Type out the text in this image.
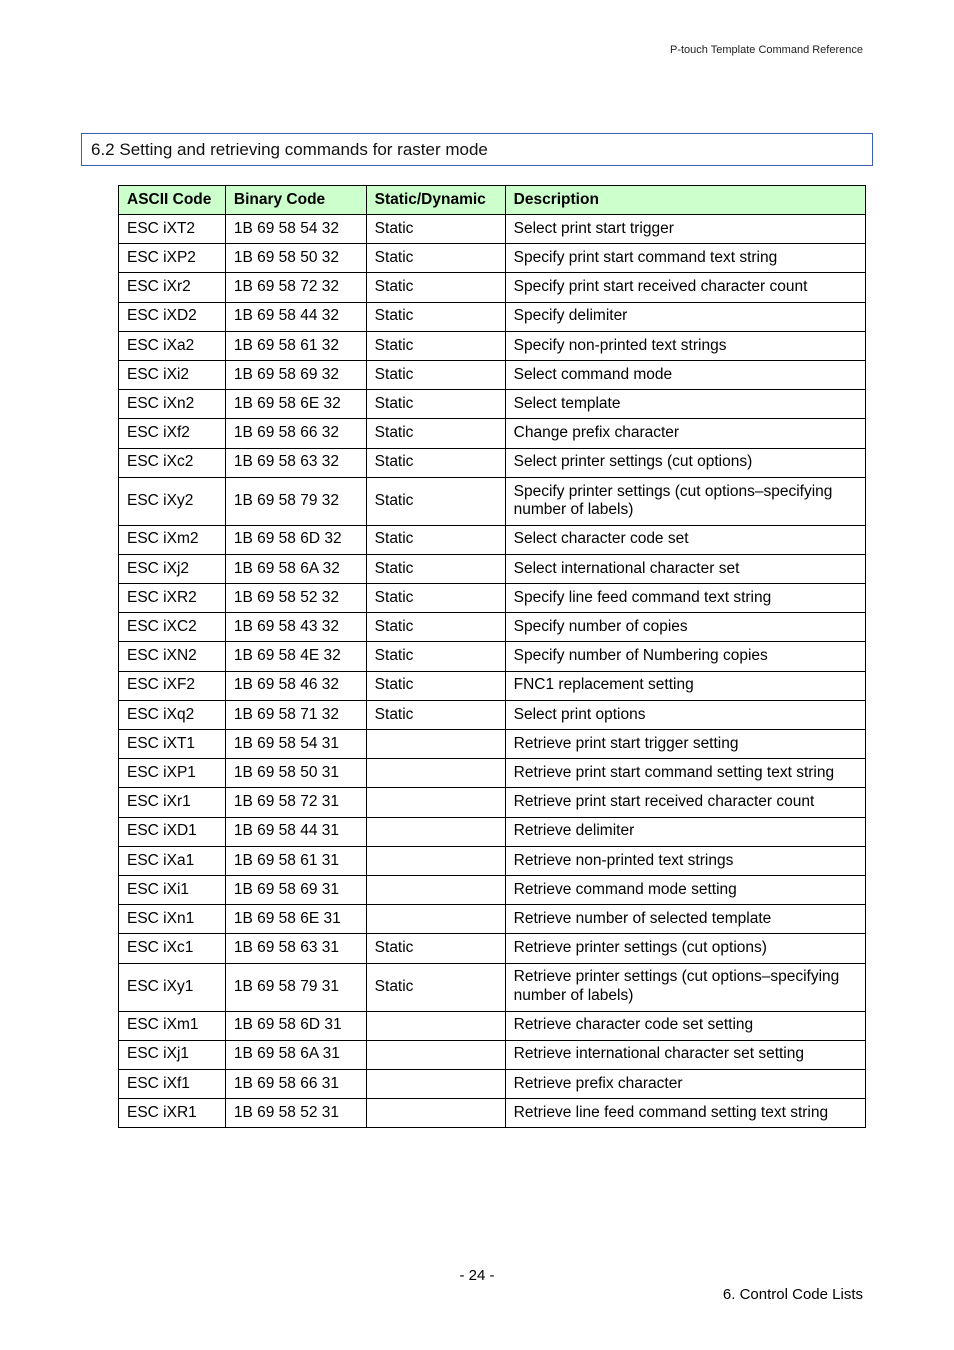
P-touch Template Command Reference
6.2 Setting and retrieving commands for raster mode
ASCII Code	Binary Code	Static/Dynamic	Description
ESC iXT2	1B 69 58 54 32	Static	Select print start trigger
ESC iXP2	1B 69 58 50 32	Static	Specify print start command text string
ESC iXr2	1B 69 58 72 32	Static	Specify print start received character count
ESC iXD2	1B 69 58 44 32	Static	Specify delimiter
ESC iXa2	1B 69 58 61 32	Static	Specify non-printed text strings
ESC iXi2	1B 69 58 69 32	Static	Select command mode
ESC iXn2	1B 69 58 6E 32	Static	Select template
ESC iXf2	1B 69 58 66 32	Static	Change prefix character
ESC iXc2	1B 69 58 63 32	Static	Select printer settings (cut options)
ESC iXy2	1B 69 58 79 32	Static	Specify printer settings (cut options–specifying number of labels)
ESC iXm2	1B 69 58 6D 32	Static	Select character code set
ESC iXj2	1B 69 58 6A 32	Static	Select international character set
ESC iXR2	1B 69 58 52 32	Static	Specify line feed command text string
ESC iXC2	1B 69 58 43 32	Static	Specify number of copies
ESC iXN2	1B 69 58 4E 32	Static	Specify number of Numbering copies
ESC iXF2	1B 69 58 46 32	Static	FNC1 replacement setting
ESC iXq2	1B 69 58 71 32	Static	Select print options
ESC iXT1	1B 69 58 54 31		Retrieve print start trigger setting
ESC iXP1	1B 69 58 50 31		Retrieve print start command setting text string
ESC iXr1	1B 69 58 72 31		Retrieve print start received character count
ESC iXD1	1B 69 58 44 31		Retrieve delimiter
ESC iXa1	1B 69 58 61 31		Retrieve non-printed text strings
ESC iXi1	1B 69 58 69 31		Retrieve command mode setting
ESC iXn1	1B 69 58 6E 31		Retrieve number of selected template
ESC iXc1	1B 69 58 63 31	Static	Retrieve printer settings (cut options)
ESC iXy1	1B 69 58 79 31	Static	Retrieve printer settings (cut options–specifying number of labels)
ESC iXm1	1B 69 58 6D 31		Retrieve character code set setting
ESC iXj1	1B 69 58 6A 31		Retrieve international character set setting
ESC iXf1	1B 69 58 66 31		Retrieve prefix character
ESC iXR1	1B 69 58 52 31		Retrieve line feed command setting text string
- 24 -
6. Control Code Lists
